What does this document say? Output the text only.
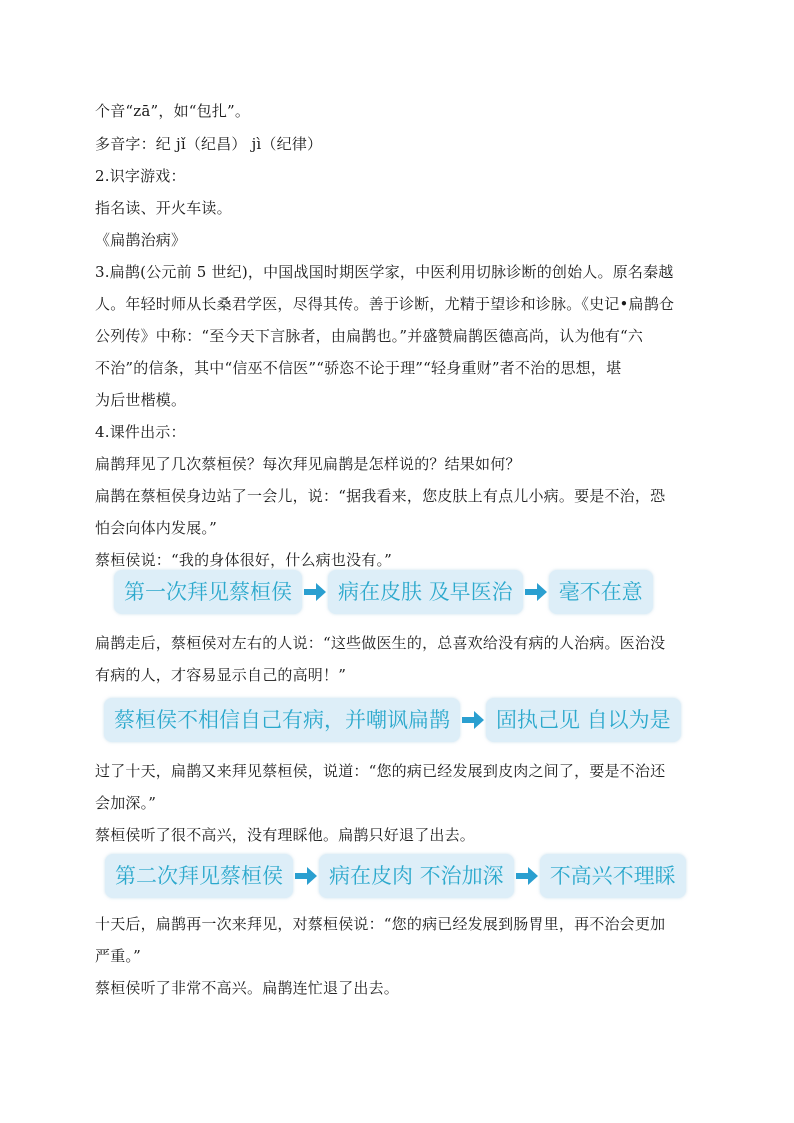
个音“zā”，如“包扎”。
多音字：纪 jǐ（纪昌） jì（纪律）
2.识字游戏：
指名读、开火车读。
《扁鹊治病》
3.扁鹊(公元前 5 世纪)，中国战国时期医学家，中医利用切脉诊断的创始人。原名秦越
人。年轻时师从长桑君学医，尽得其传。善于诊断，尤精于望诊和诊脉。《史记•扁鹊仓
公列传》中称：“至今天下言脉者，由扁鹊也。”并盛赞扁鹊医德高尚，认为他有“六
不治”的信条，其中“信巫不信医”“骄恣不论于理”“轻身重财”者不治的思想，堪
为后世楷模。
4.课件出示：
扁鹊拜见了几次蔡桓侯？每次拜见扁鹊是怎样说的？结果如何？
扁鹊在蔡桓侯身边站了一会儿，说：“据我看来，您皮肤上有点儿小病。要是不治，恐
怕会向体内发展。”
蔡桓侯说：“我的身体很好，什么病也没有。”
第一次拜见蔡桓侯	病在皮肤 及早医治	毫不在意
扁鹊走后，蔡桓侯对左右的人说：“这些做医生的，总喜欢给没有病的人治病。医治没
有病的人，才容易显示自己的高明！”
蔡桓侯不相信自己有病，并嘲讽扁鹊	固执己见 自以为是
过了十天，扁鹊又来拜见蔡桓侯，说道：“您的病已经发展到皮肉之间了，要是不治还
会加深。”
蔡桓侯听了很不高兴，没有理睬他。扁鹊只好退了出去。
第二次拜见蔡桓侯	病在皮肉 不治加深	不高兴不理睬
十天后，扁鹊再一次来拜见，对蔡桓侯说：“您的病已经发展到肠胃里，再不治会更加
严重。”
蔡桓侯听了非常不高兴。扁鹊连忙退了出去。
